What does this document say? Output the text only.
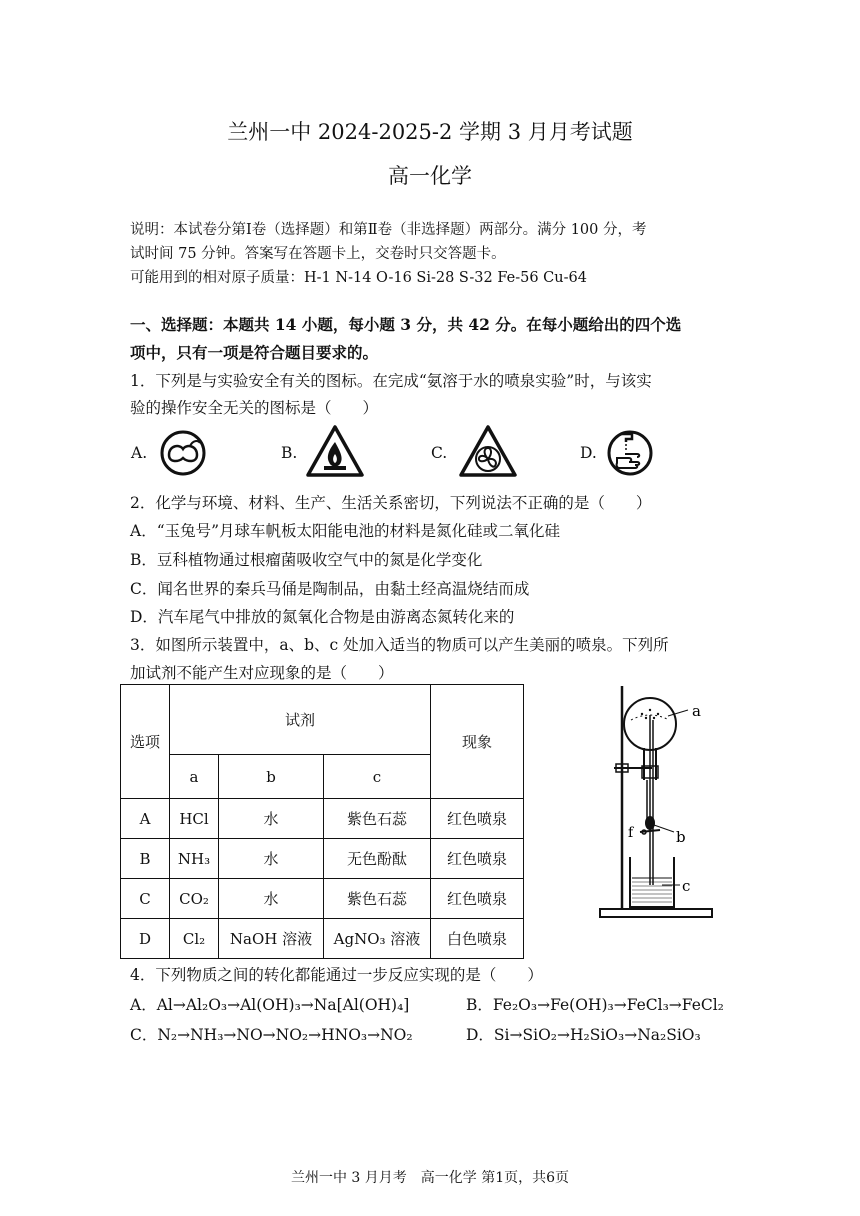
兰州一中 2024-2025-2 学期 3 月月考试题
高一化学
说明：本试卷分第Ⅰ卷（选择题）和第Ⅱ卷（非选择题）两部分。满分 100 分，考
试时间 75 分钟。答案写在答题卡上，交卷时只交答题卡。
可能用到的相对原子质量：H-1 N-14 O-16 Si-28 S-32 Fe-56 Cu-64
一、选择题：本题共 14 小题，每小题 3 分，共 42 分。在每小题给出的四个选
项中，只有一项是符合题目要求的。
1．下列是与实验安全有关的图标。在完成“氨溶于水的喷泉实验”时，与该实
验的操作安全无关的图标是（　　）
A.	B.	C.	D.
2．化学与环境、材料、生产、生活关系密切，下列说法不正确的是（　　）
A．“玉兔号”月球车帆板太阳能电池的材料是氮化硅或二氧化硅
B．豆科植物通过根瘤菌吸收空气中的氮是化学变化
C．闻名世界的秦兵马俑是陶制品，由黏土经高温烧结而成
D．汽车尾气中排放的氮氧化合物是由游离态氮转化来的
3．如图所示装置中，a、b、c 处加入适当的物质可以产生美丽的喷泉。下列所
加试剂不能产生对应现象的是（　　）
选项	试剂			现象
	a	b	c	
A	HCl	水	紫色石蕊	红色喷泉
B	NH₃	水	无色酚酞	红色喷泉
C	CO₂	水	紫色石蕊	红色喷泉
D	Cl₂	NaOH 溶液	AgNO₃ 溶液	白色喷泉
a
b
c
f
4．下列物质之间的转化都能通过一步反应实现的是（　　）
A．Al→Al₂O₃→Al(OH)₃→Na[Al(OH)₄]	B．Fe₂O₃→Fe(OH)₃→FeCl₃→FeCl₂
C．N₂→NH₃→NO→NO₂→HNO₃→NO₂	D．Si→SiO₂→H₂SiO₃→Na₂SiO₃
兰州一中 3 月月考　高一化学 第1页，共6页
